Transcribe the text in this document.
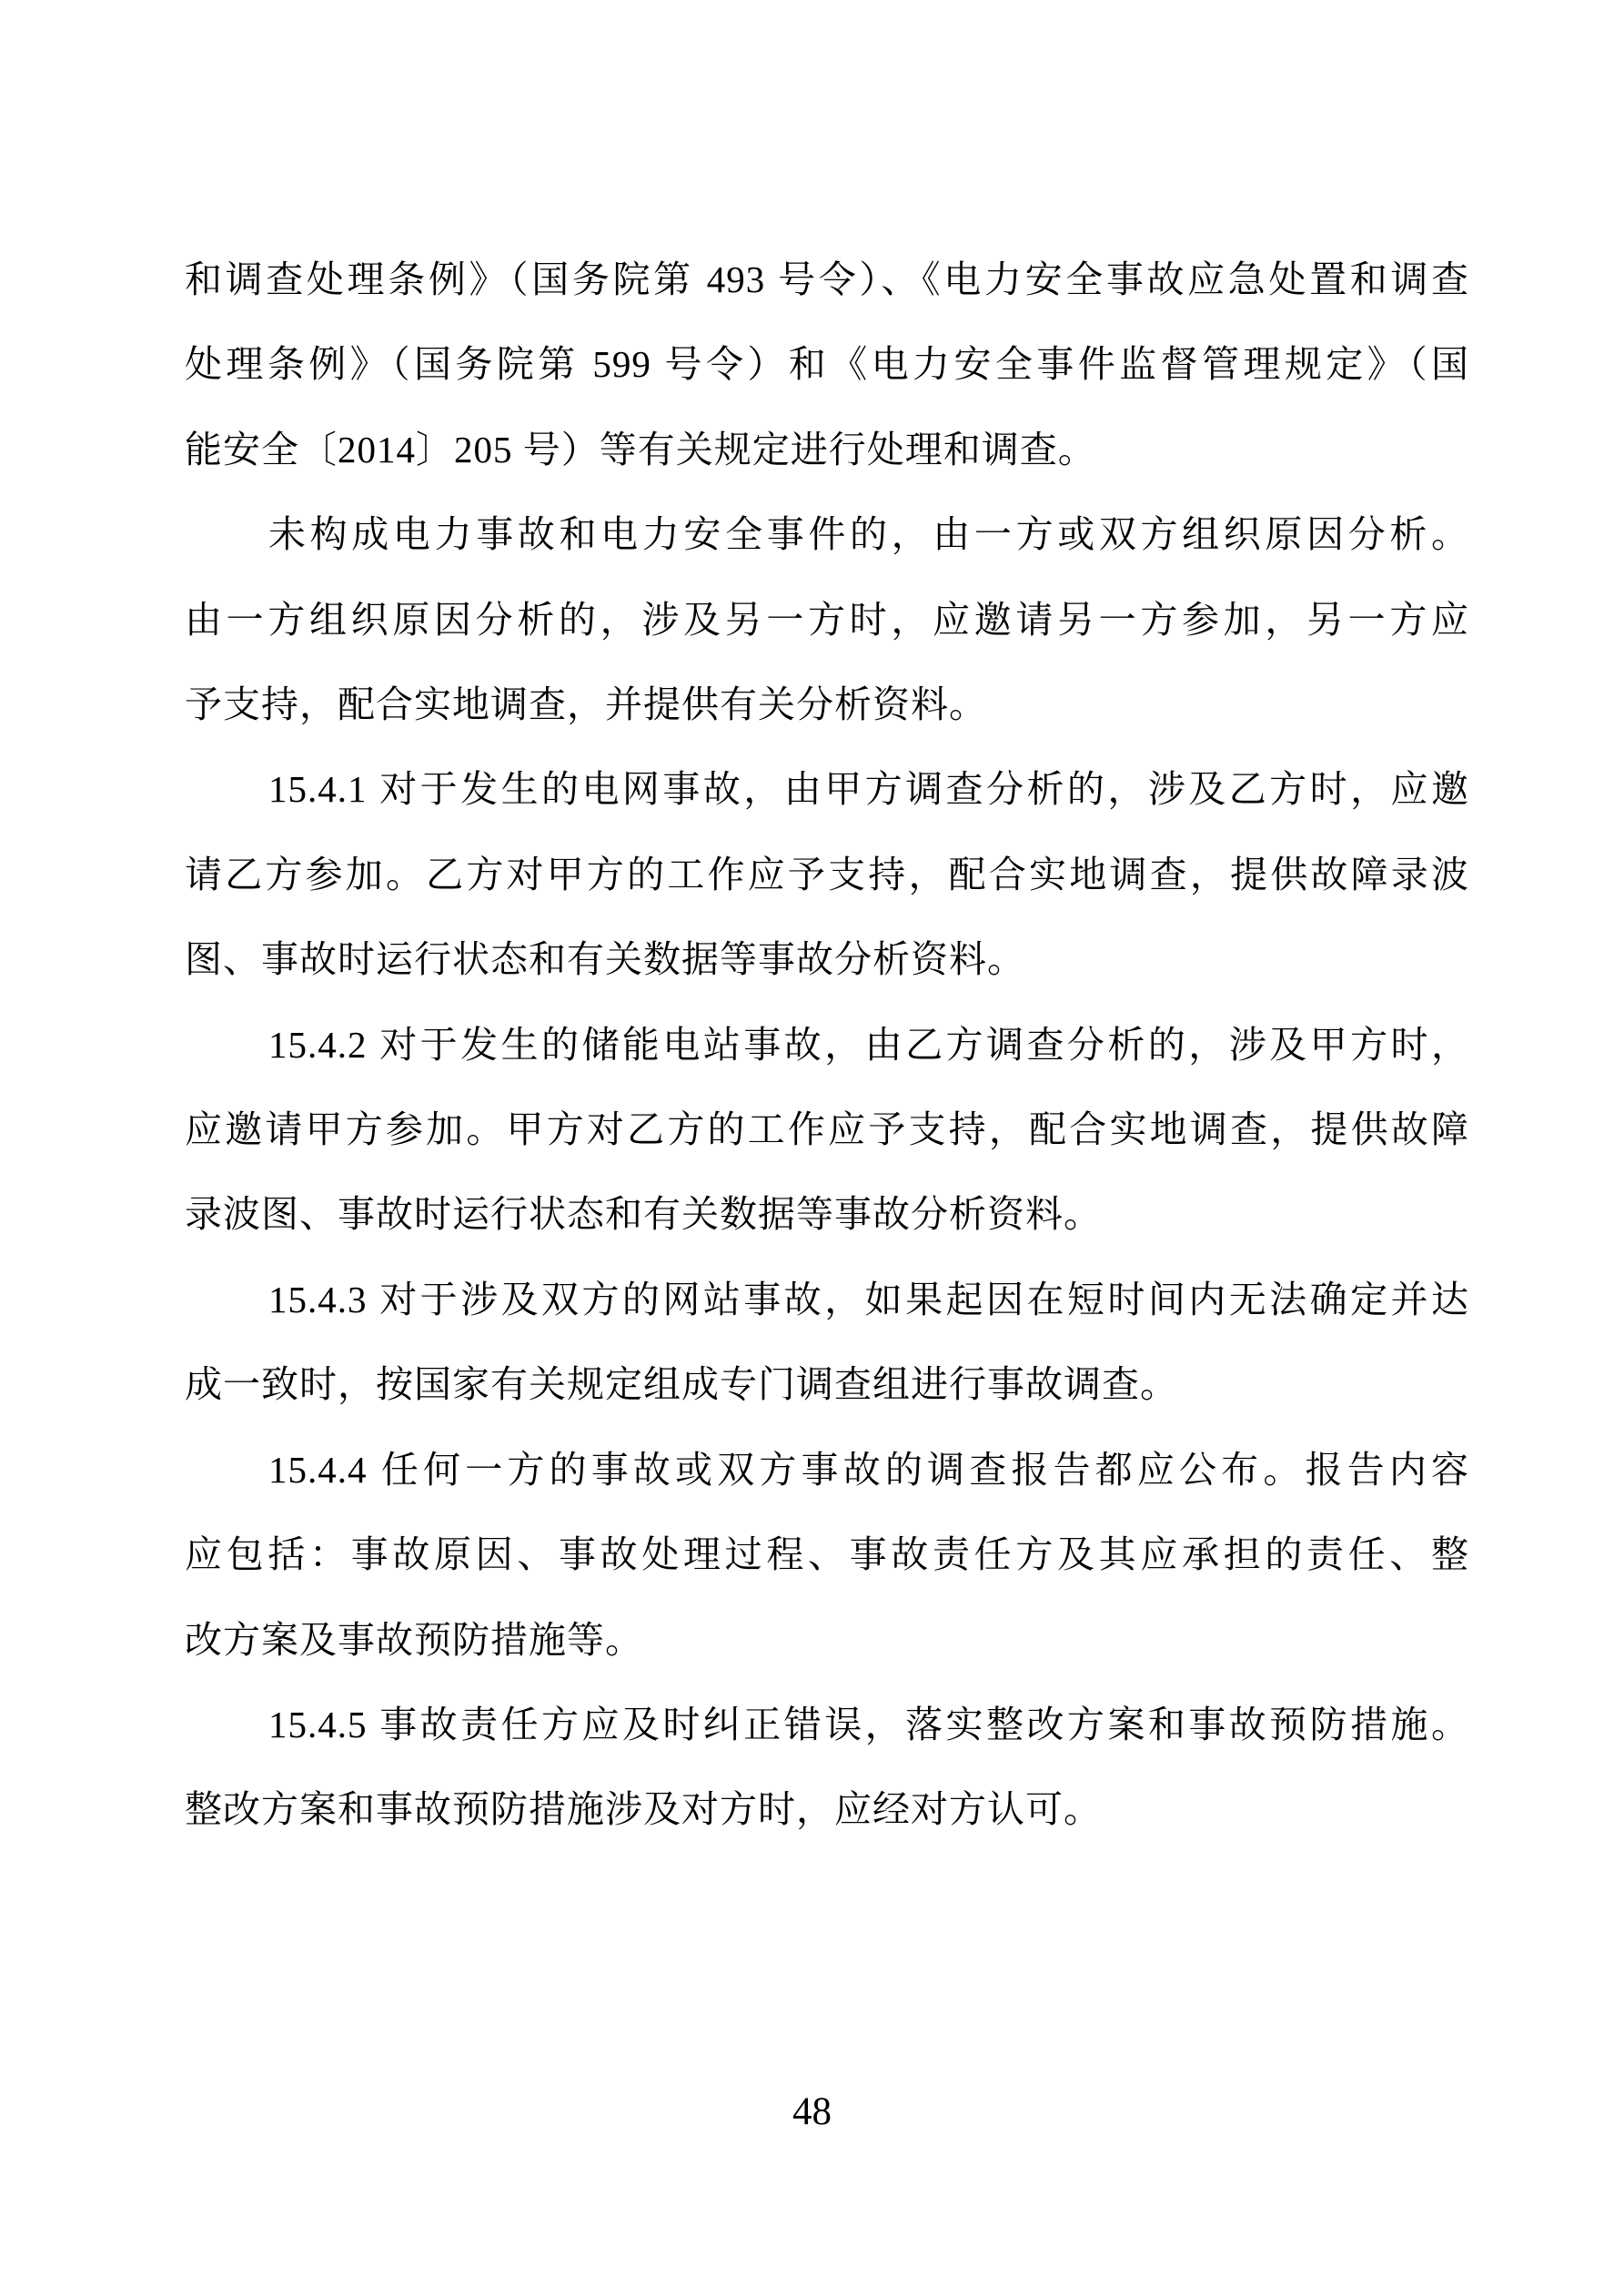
和调查处理条例》（国务院第 493 号令）、《电力安全事故应急处置和调查

处理条例》（国务院第 599 号令）和《电力安全事件监督管理规定》（国

能安全〔2014〕205 号）等有关规定进行处理和调查。

未构成电力事故和电力安全事件的，由一方或双方组织原因分析。

由一方组织原因分析的，涉及另一方时，应邀请另一方参加，另一方应

予支持，配合实地调查，并提供有关分析资料。

15.4.1 对于发生的电网事故，由甲方调查分析的，涉及乙方时，应邀

请乙方参加。乙方对甲方的工作应予支持，配合实地调查，提供故障录波

图、事故时运行状态和有关数据等事故分析资料。

15.4.2 对于发生的储能电站事故，由乙方调查分析的，涉及甲方时，

应邀请甲方参加。甲方对乙方的工作应予支持，配合实地调查，提供故障

录波图、事故时运行状态和有关数据等事故分析资料。

15.4.3 对于涉及双方的网站事故，如果起因在短时间内无法确定并达

成一致时，按国家有关规定组成专门调查组进行事故调查。

15.4.4 任何一方的事故或双方事故的调查报告都应公布。报告内容

应包括：事故原因、事故处理过程、事故责任方及其应承担的责任、整

改方案及事故预防措施等。

15.4.5 事故责任方应及时纠正错误，落实整改方案和事故预防措施。

整改方案和事故预防措施涉及对方时，应经对方认可。

48
